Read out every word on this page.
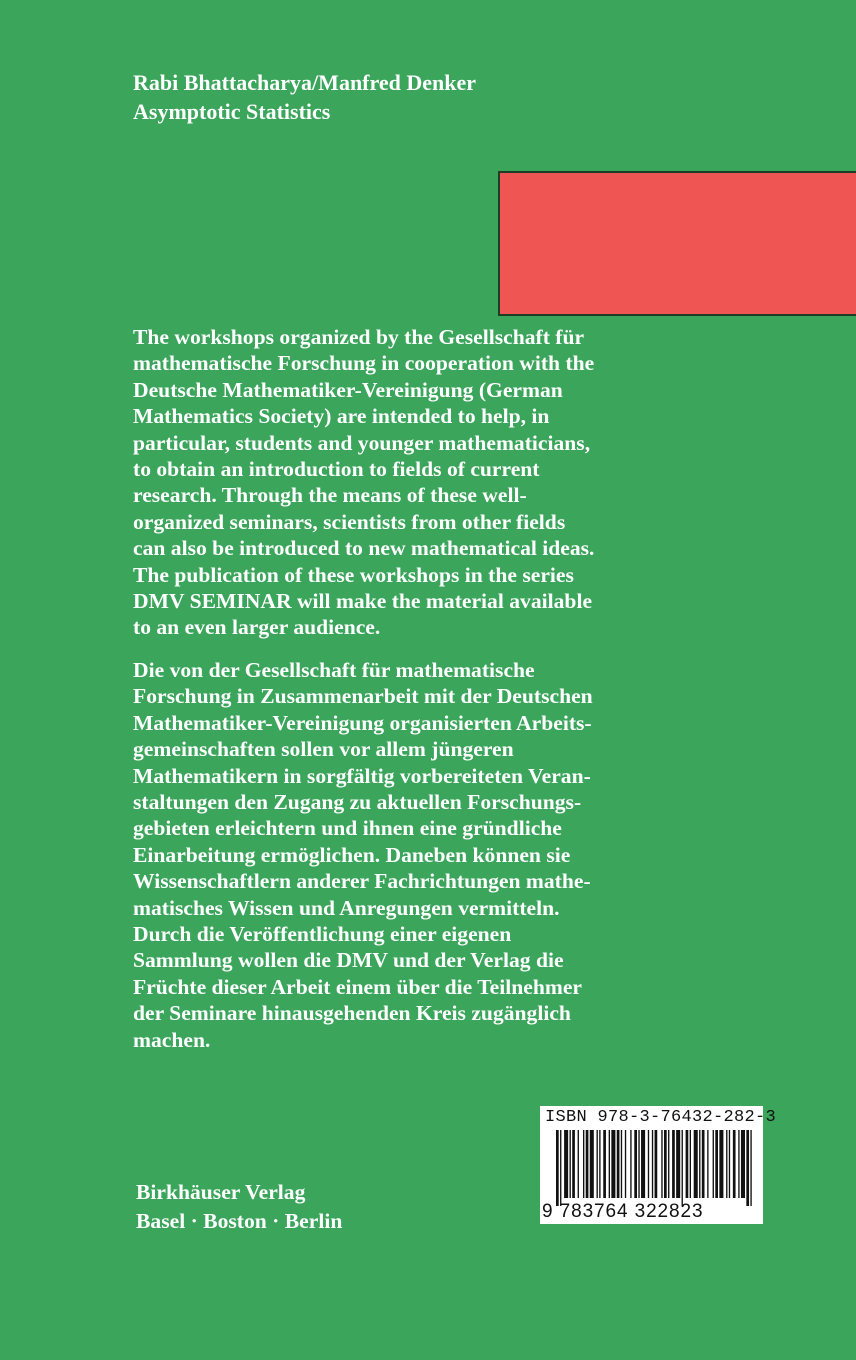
Rabi Bhattacharya/Manfred Denker
Asymptotic Statistics
The workshops organized by the Gesellschaft für
mathematische Forschung in cooperation with the
Deutsche Mathematiker-Vereinigung (German
Mathematics Society) are intended to help, in
particular, students and younger mathematicians,
to obtain an introduction to fields of current
research. Through the means of these well-
organized seminars, scientists from other fields
can also be introduced to new mathematical ideas.
The publication of these workshops in the series
DMV SEMINAR will make the material available
to an even larger audience.
Die von der Gesellschaft für mathematische
Forschung in Zusammenarbeit mit der Deutschen
Mathematiker-Vereinigung organisierten Arbeits-
gemeinschaften sollen vor allem jüngeren
Mathematikern in sorgfältig vorbereiteten Veran-
staltungen den Zugang zu aktuellen Forschungs-
gebieten erleichtern und ihnen eine gründliche
Einarbeitung ermöglichen. Daneben können sie
Wissenschaftlern anderer Fachrichtungen mathe-
matisches Wissen und Anregungen vermitteln.
Durch die Veröffentlichung einer eigenen
Sammlung wollen die DMV und der Verlag die
Früchte dieser Arbeit einem über die Teilnehmer
der Seminare hinausgehenden Kreis zugänglich
machen.
ISBN 978-3-76432-282-3
9 783764 322823
Birkhäuser Verlag
Basel · Boston · Berlin
